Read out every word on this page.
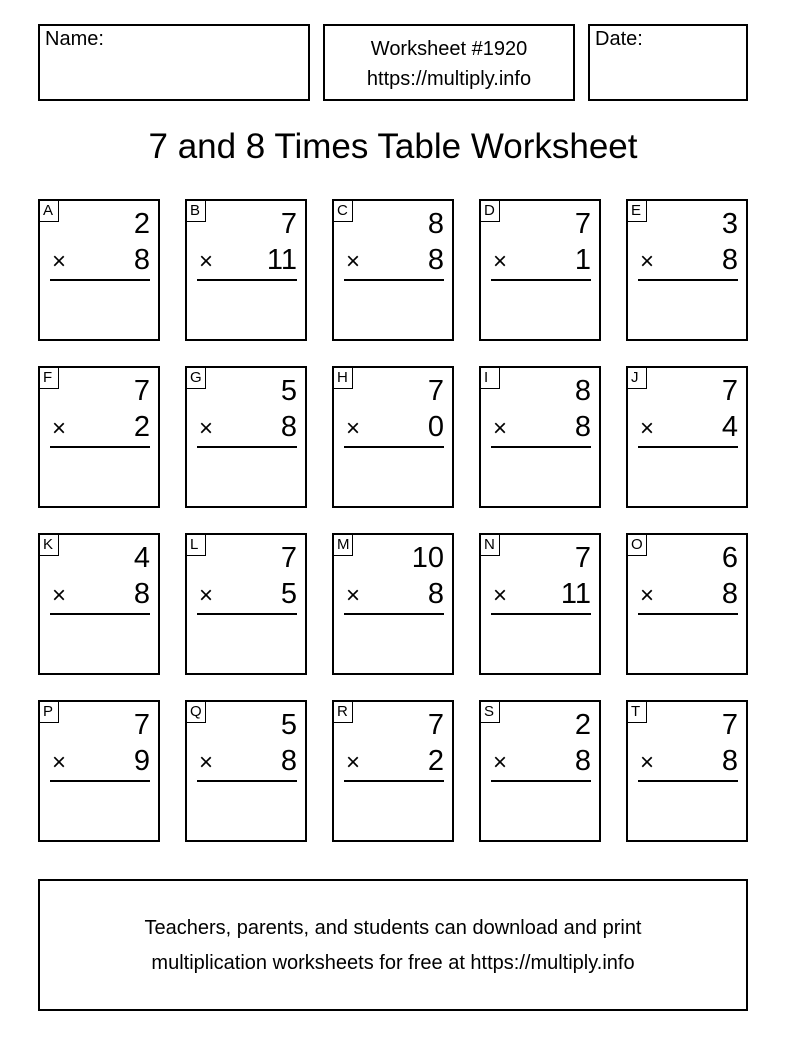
Name:	Worksheet #1920
https://multiply.info
Date:
7 and 8 Times Table Worksheet
A	2
× 8
B	7
× 11
C	8
× 8
D	7
× 1
E	3
× 8
F	7
× 2
G	5
× 8
H	7
× 0
I	8
× 8
J	7
× 4
K	4
× 8
L	7
× 5
M 10
× 8
N	7
× 11
O	6
× 8
P	7
× 9
Q	5
× 8
R	7
× 2
S	2
× 8
T	7
× 8
Teachers, parents, and students can download and print
multiplication worksheets for free at https://multiply.info
